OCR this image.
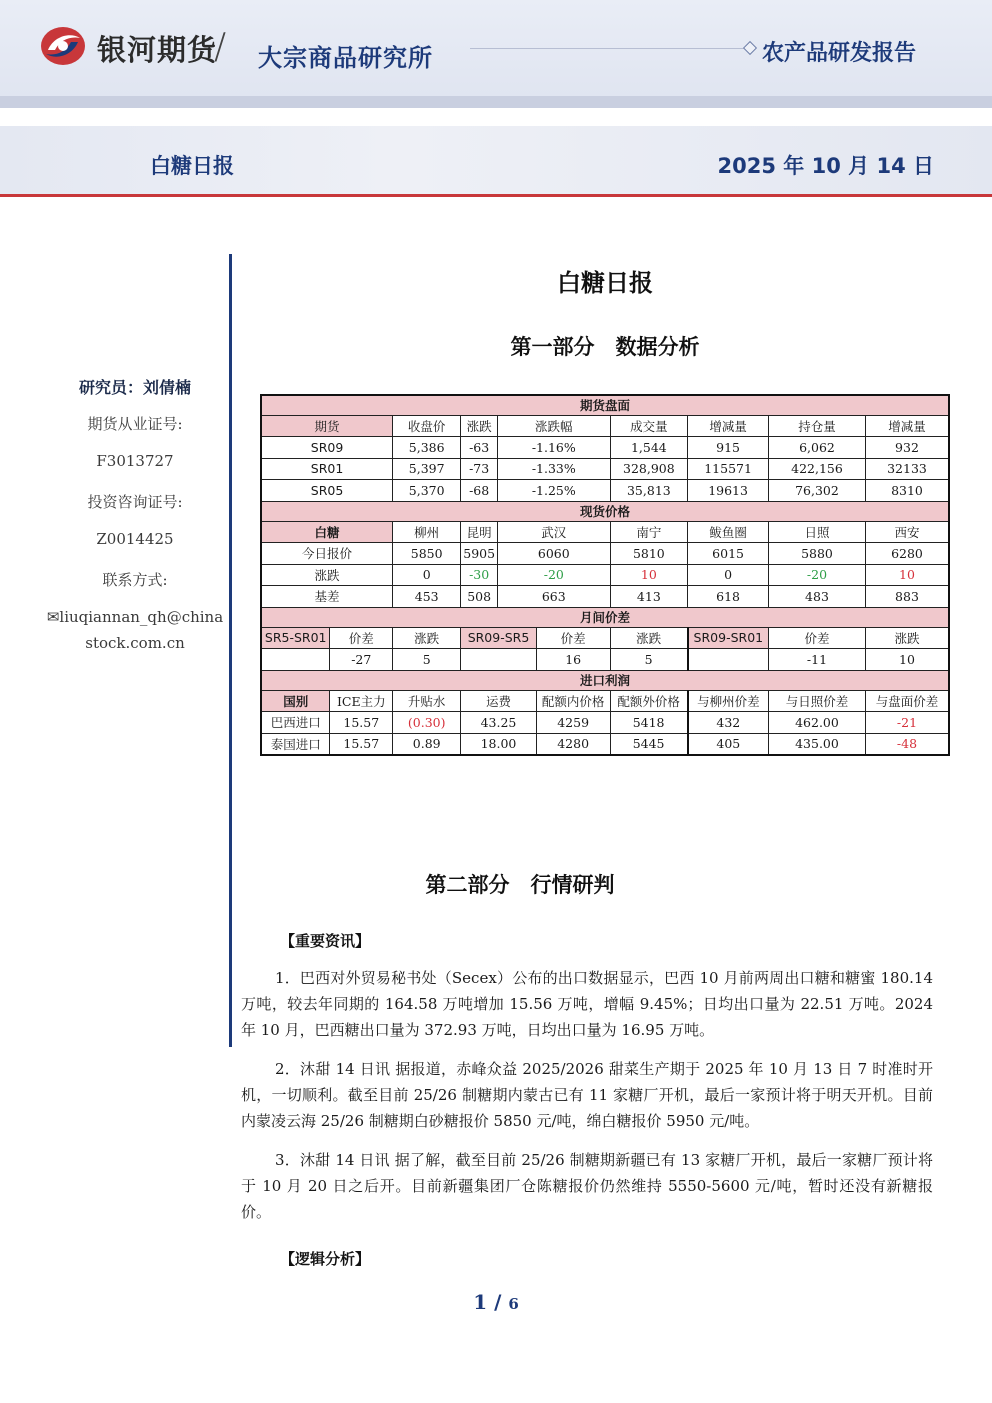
银河期货
/ 大宗商品研究所	农产品研发报告
白糖日报	2025 年 10 月 14 日
研究员：刘倩楠
期货从业证号:
F3013727
投资咨询证号:
Z0014425
联系方式:
✉liuqiannan_qh@china
stock.com.cn
白糖日报
第一部分　数据分析
期货盘面									
期货		收盘价	涨跌	涨跌幅		成交量	增减量	持仓量	增减量
SR09		5,386	-63	-1.16%		1,544	915	6,062	932
SR01		5,397	-73	-1.33%		328,908	115571	422,156	32133
SR05		5,370	-68	-1.25%		35,813	19613	76,302	8310
现货价格									
白糖		柳州	昆明	武汉		南宁	鲅鱼圈	日照	西安
今日报价		5850	5905	6060		5810	6015	5880	6280
涨跌		0	-30	-20		10	0	-20	10
基差		453	508	663		413	618	483	883
月间价差									
SR5-SR01	价差	涨跌	SR09-SR5		价差	涨跌	SR09-SR01	价差	涨跌
	-27	5			16	5		-11	10
进口利润									
国别	ICE主力	升贴水	运费		配额内价格	配额外价格	与柳州价差	与日照价差	与盘面价差
巴西进口	15.57	(0.30)	43.25		4259	5418	432	462.00	-21
泰国进口	15.57	0.89	18.00		4280	5445	405	435.00	-48
第二部分　行情研判
【重要资讯】
1．巴西对外贸易秘书处（Secex）公布的出口数据显示，巴西 10 月前两周出口糖和糖蜜 180.14 万吨，较去年同期的 164.58 万吨增加 15.56 万吨，增幅 9.45%；日均出口量为 22.51 万吨。2024 年 10 月，巴西糖出口量为 372.93 万吨，日均出口量为 16.95 万吨。
2．沐甜 14 日讯 据报道，赤峰众益 2025/2026 甜菜生产期于 2025 年 10 月 13 日 7 时准时开机，一切顺利。截至目前 25/26 制糖期内蒙古已有 11 家糖厂开机，最后一家预计将于明天开机。目前内蒙凌云海 25/26 制糖期白砂糖报价 5850 元/吨，绵白糖报价 5950 元/吨。
3．沐甜 14 日讯 据了解，截至目前 25/26 制糖期新疆已有 13 家糖厂开机，最后一家糖厂预计将于 10 月 20 日之后开。目前新疆集团厂仓陈糖报价仍然维持 5550-5600 元/吨，暂时还没有新糖报价。
【逻辑分析】
1 / 6
